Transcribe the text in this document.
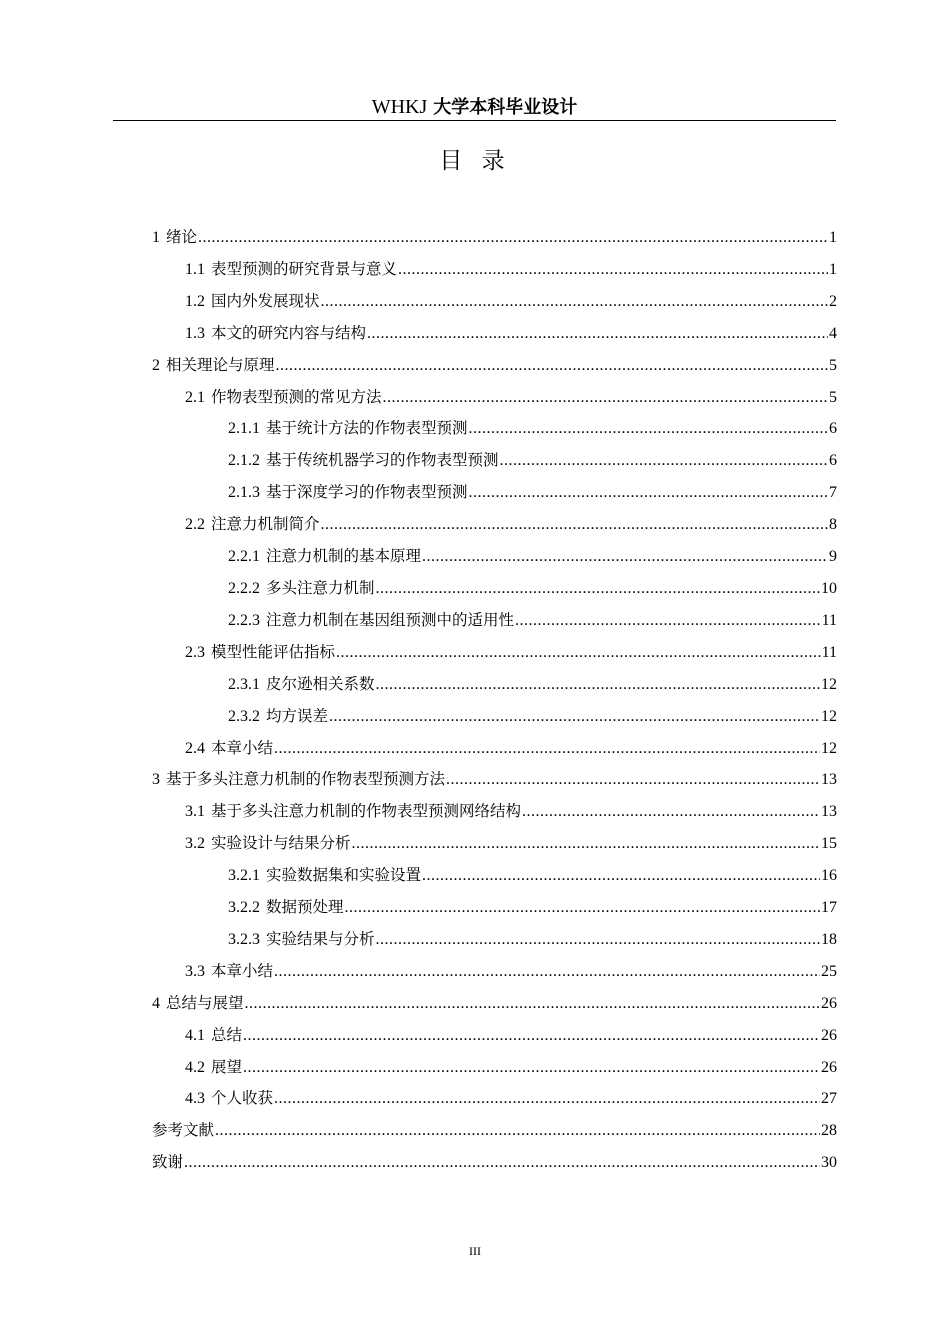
WHKJ 大学本科毕业设计
目 录
1 绪论 .....	1
1.1 表型预测的研究背景与意义 .....	1
1.2 国内外发展现状 .....	2
1.3 本文的研究内容与结构 .....	4
2 相关理论与原理 .....	5
2.1 作物表型预测的常见方法 .....	5
2.1.1 基于统计方法的作物表型预测 .....	6
2.1.2 基于传统机器学习的作物表型预测 .....	6
2.1.3 基于深度学习的作物表型预测 .....	7
2.2 注意力机制简介 .....	8
2.2.1 注意力机制的基本原理 .....	9
2.2.2 多头注意力机制 .....	10
2.2.3 注意力机制在基因组预测中的适用性 .....	11
2.3 模型性能评估指标 .....	11
2.3.1 皮尔逊相关系数 .....	12
2.3.2 均方误差 .....	12
2.4 本章小结 .....	12
3 基于多头注意力机制的作物表型预测方法 .....	13
3.1 基于多头注意力机制的作物表型预测网络结构 .....	13
3.2 实验设计与结果分析 .....	15
3.2.1 实验数据集和实验设置 .....	16
3.2.2 数据预处理 .....	17
3.2.3 实验结果与分析 .....	18
3.3 本章小结 .....	25
4 总结与展望 .....	26
4.1 总结 .....	26
4.2 展望 .....	26
4.3 个人收获 .....	27
参考文献 .....	28
致谢 .....	30
III
